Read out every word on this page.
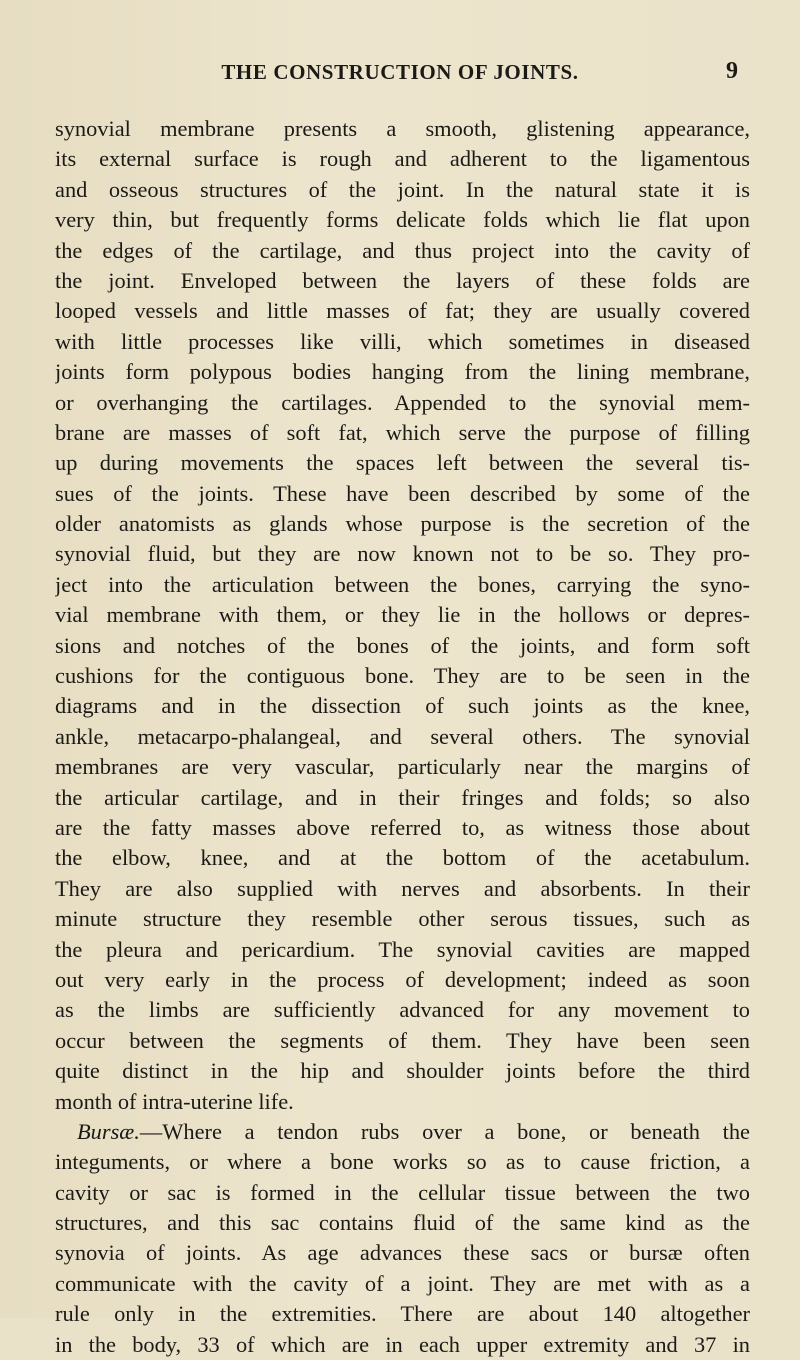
THE CONSTRUCTION OF JOINTS.	9
synovial membrane presents a smooth, glistening appearance,
its external surface is rough and adherent to the ligamentous
and osseous structures of the joint. In the natural state it is
very thin, but frequently forms delicate folds which lie flat upon
the edges of the cartilage, and thus project into the cavity of
the joint. Enveloped between the layers of these folds are
looped vessels and little masses of fat; they are usually covered
with little processes like villi, which sometimes in diseased
joints form polypous bodies hanging from the lining membrane,
or overhanging the cartilages. Appended to the synovial mem-
brane are masses of soft fat, which serve the purpose of filling
up during movements the spaces left between the several tis-
sues of the joints. These have been described by some of the
older anatomists as glands whose purpose is the secretion of the
synovial fluid, but they are now known not to be so. They pro-
ject into the articulation between the bones, carrying the syno-
vial membrane with them, or they lie in the hollows or depres-
sions and notches of the bones of the joints, and form soft
cushions for the contiguous bone. They are to be seen in the
diagrams and in the dissection of such joints as the knee,
ankle, metacarpo-phalangeal, and several others. The synovial
membranes are very vascular, particularly near the margins of
the articular cartilage, and in their fringes and folds; so also
are the fatty masses above referred to, as witness those about
the elbow, knee, and at the bottom of the acetabulum.
They are also supplied with nerves and absorbents. In their
minute structure they resemble other serous tissues, such as
the pleura and pericardium. The synovial cavities are mapped
out very early in the process of development; indeed as soon
as the limbs are sufficiently advanced for any movement to
occur between the segments of them. They have been seen
quite distinct in the hip and shoulder joints before the third
month of intra-uterine life.
Bursæ.—Where a tendon rubs over a bone, or beneath the
integuments, or where a bone works so as to cause friction, a
cavity or sac is formed in the cellular tissue between the two
structures, and this sac contains fluid of the same kind as the
synovia of joints. As age advances these sacs or bursæ often
communicate with the cavity of a joint. They are met with as a
rule only in the extremities. There are about 140 altogether
in the body, 33 of which are in each upper extremity and 37 in
